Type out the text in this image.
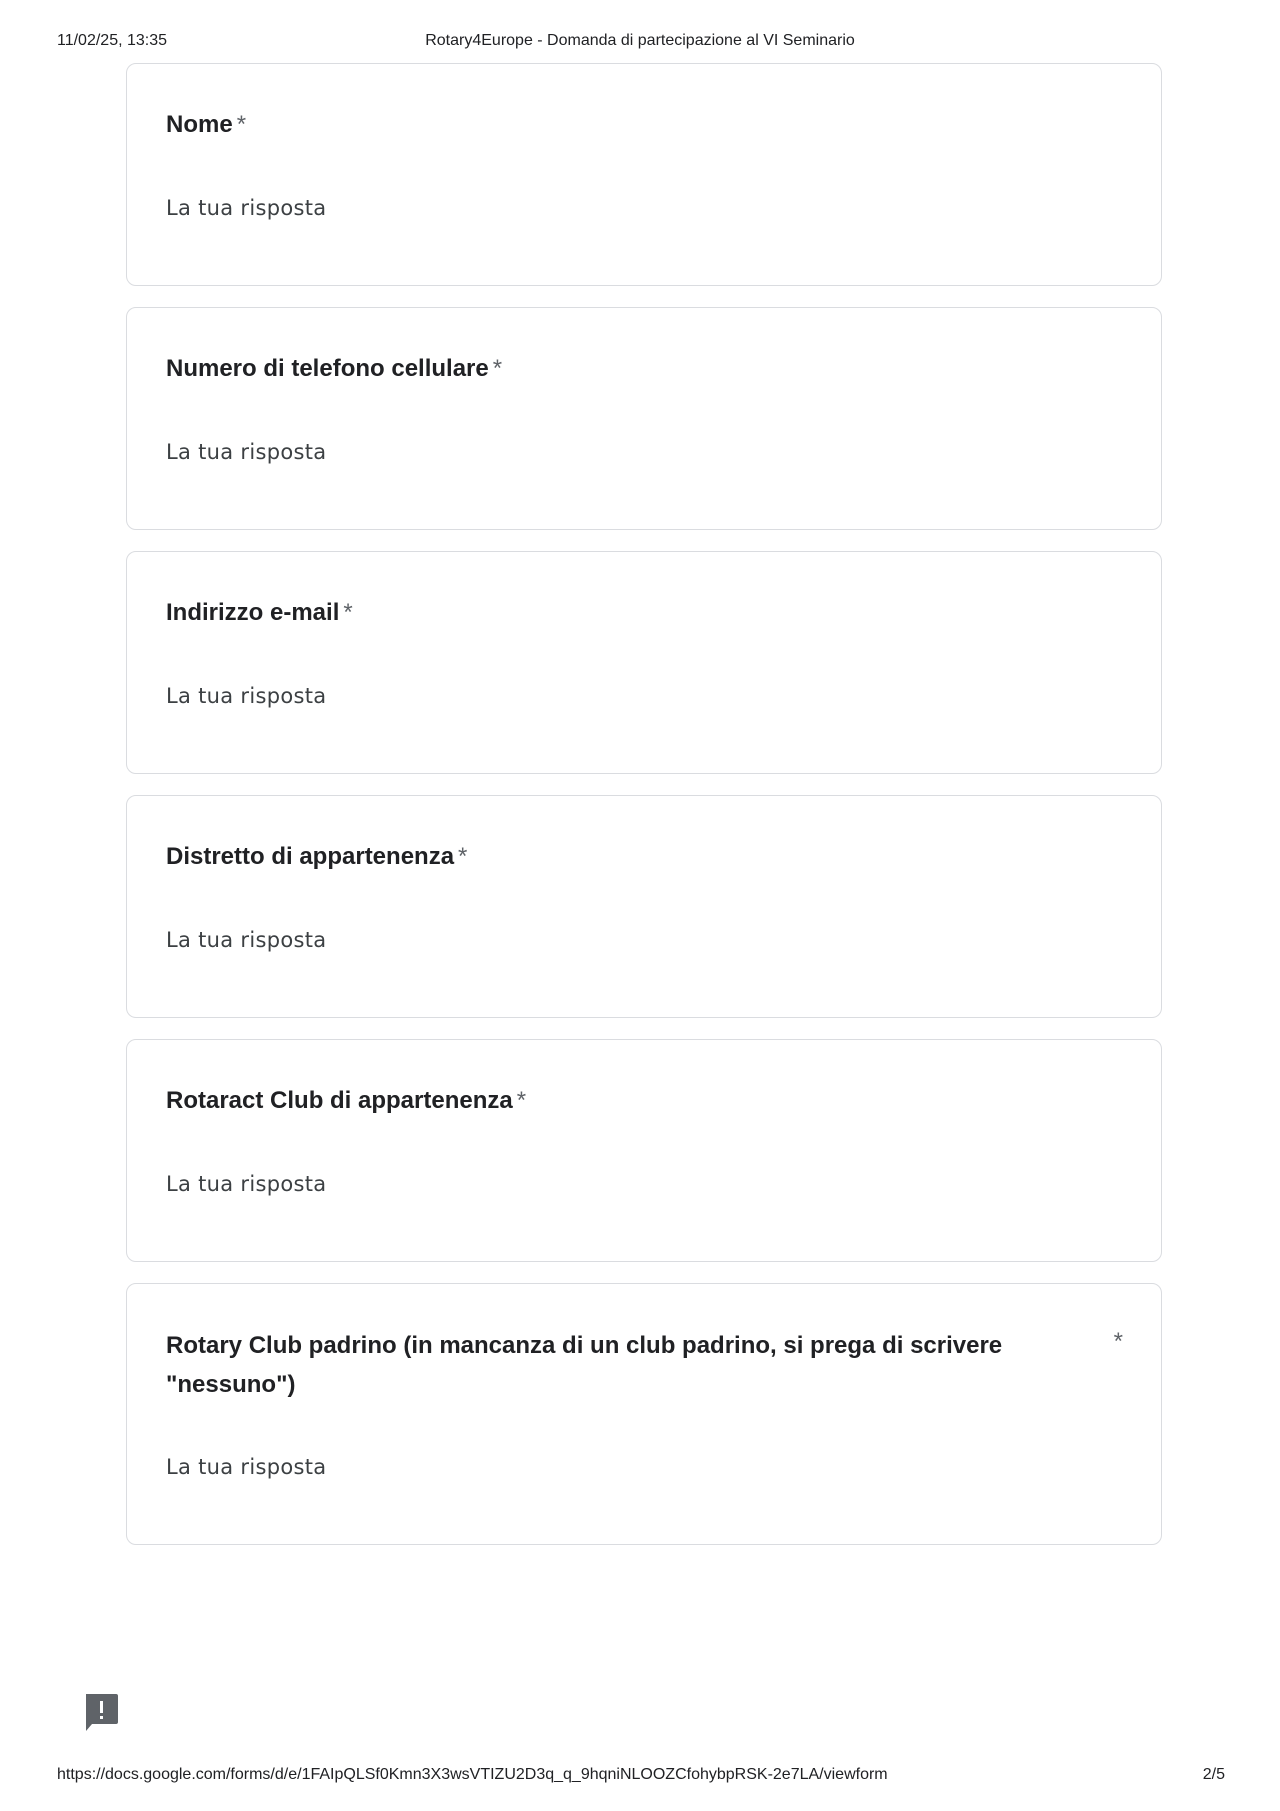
11/02/25, 13:35	Rotary4Europe - Domanda di partecipazione al VI Seminario
Nome *
La tua risposta
Numero di telefono cellulare *
La tua risposta
Indirizzo e-mail *
La tua risposta
Distretto di appartenenza *
La tua risposta
Rotaract Club di appartenenza *
La tua risposta
Rotary Club padrino (in mancanza di un club padrino, si prega di scrivere "nessuno")
*
La tua risposta
https://docs.google.com/forms/d/e/1FAIpQLSf0Kmn3X3wsVTIZU2D3q_q_9hqniNLOOZCfohybpRSK-2e7LA/viewform	2/5
